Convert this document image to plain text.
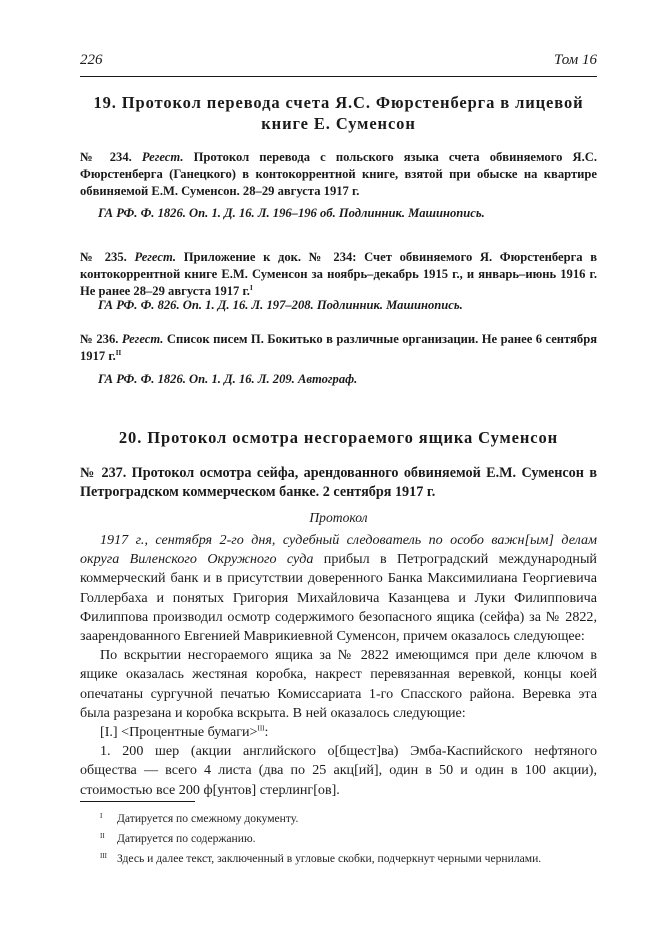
226	Том 16
19. Протокол перевода счета Я.С. Фюрстенберга в лицевой
книге Е. Суменсон
№ 234. Регест. Протокол перевода с польского языка счета обвиняемого Я.С. Фюрстенберга (Ганецкого) в контокоррентной книге, взятой при обыске на квартире обвиняемой Е.М. Суменсон. 28–29 августа 1917 г.
ГА РФ. Ф. 1826. Оп. 1. Д. 16. Л. 196–196 об. Подлинник. Машинопись.
№ 235. Регест. Приложение к док. № 234: Счет обвиняемого Я. Фюрстенберга в контокоррентной книге Е.М. Суменсон за ноябрь–декабрь 1915 г., и январь–июнь 1916 г. Не ранее 28–29 августа 1917 г.$^I$
ГА РФ. Ф. 826. Оп. 1. Д. 16. Л. 197–208. Подлинник. Машинопись.
№ 236. Регест. Список писем П. Бокитько в различные организации. Не ранее 6 сентября 1917 г.$^{II}$
ГА РФ. Ф. 1826. Оп. 1. Д. 16. Л. 209. Автограф.
20. Протокол осмотра несгораемого ящика Суменсон
№ 237. Протокол осмотра сейфа, арендованного обвиняемой Е.М. Суменсон в Петроградском коммерческом банке. 2 сентября 1917 г.
Протокол

1917 г., сентября 2-го дня, судебный следователь по особо важн[ым] делам округа Виленского Окружного суда прибыл в Петроградский международный коммерческий банк и в присутствии доверенного Банка Максимилиана Георгиевича Голлербаха и понятых Григория Михайловича Казанцева и Луки Филипповича Филиппова производил осмотр содержимого безопасного ящика (сейфа) за № 2822, заарендованного Евгенией Маврикиевной Суменсон, причем оказалось следующее:

По вскрытии несгораемого ящика за № 2822 имеющимся при деле ключом в ящике оказалась жестяная коробка, накрест перевязанная веревкой, концы коей опечатаны сургучной печатью Комиссариата 1-го Спасского района. Веревка эта была разрезана и коробка вскрыта. В ней оказалось следующие:

[I.] <Процентные бумаги>$^{III}$:

1. 200 шер (акции английского о[бщест]ва) Эмба-Каспийского нефтяного общества — всего 4 листа (два по 25 акц[ий], один в 50 и один в 100 акции), стоимостью все 200 ф[унтов] стерлинг[ов].

I Датируется по смежному документу.
II Датируется по содержанию.
III Здесь и далее текст, заключенный в угловые скобки, подчеркнут черными чернилами.
